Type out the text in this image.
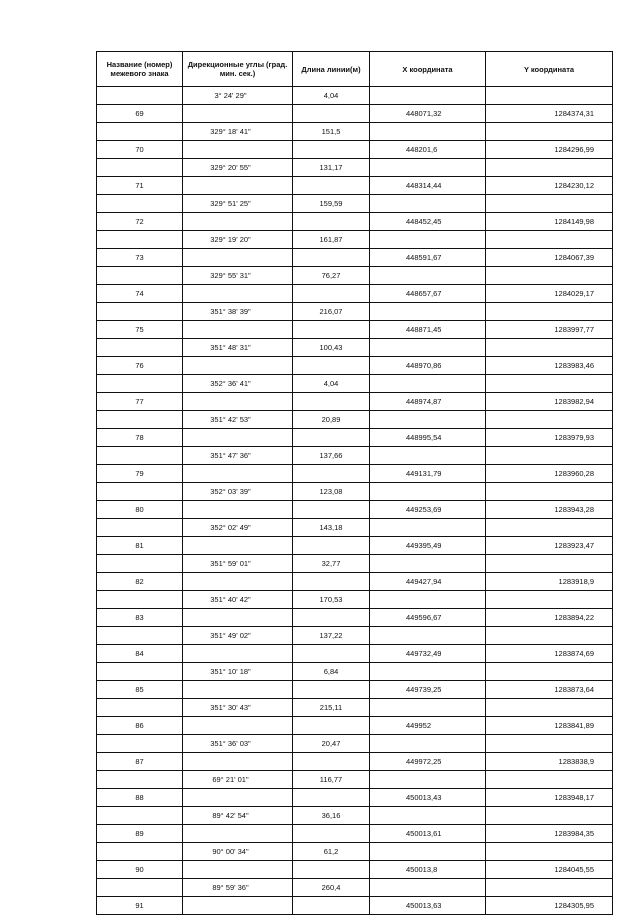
Название (номер) межевого знака	Дирекционные углы (град. мин. сек.)	Длина линии(м)	X координата	Y координата
	3° 24' 29"	4,04		
69			448071,32	1284374,31
	329° 18' 41"	151,5		
70			448201,6	1284296,99
	329° 20' 55"	131,17		
71			448314,44	1284230,12
	329° 51' 25"	159,59		
72			448452,45	1284149,98
	329° 19' 20"	161,87		
73			448591,67	1284067,39
	329° 55' 31"	76,27		
74			448657,67	1284029,17
	351° 38' 39"	216,07		
75			448871,45	1283997,77
	351° 48' 31"	100,43		
76			448970,86	1283983,46
	352° 36' 41"	4,04		
77			448974,87	1283982,94
	351° 42' 53"	20,89		
78			448995,54	1283979,93
	351° 47' 36"	137,66		
79			449131,79	1283960,28
	352° 03' 39"	123,08		
80			449253,69	1283943,28
	352° 02' 49"	143,18		
81			449395,49	1283923,47
	351° 59' 01"	32,77		
82			449427,94	1283918,9
	351° 40' 42"	170,53		
83			449596,67	1283894,22
	351° 49' 02"	137,22		
84			449732,49	1283874,69
	351° 10' 18"	6,84		
85			449739,25	1283873,64
	351° 30' 43"	215,11		
86			449952	1283841,89
	351° 36' 03"	20,47		
87			449972,25	1283838,9
	69° 21' 01"	116,77		
88			450013,43	1283948,17
	89° 42' 54"	36,16		
89			450013,61	1283984,35
	90° 00' 34"	61,2		
90			450013,8	1284045,55
	89° 59' 36"	260,4		
91			450013,63	1284305,95
